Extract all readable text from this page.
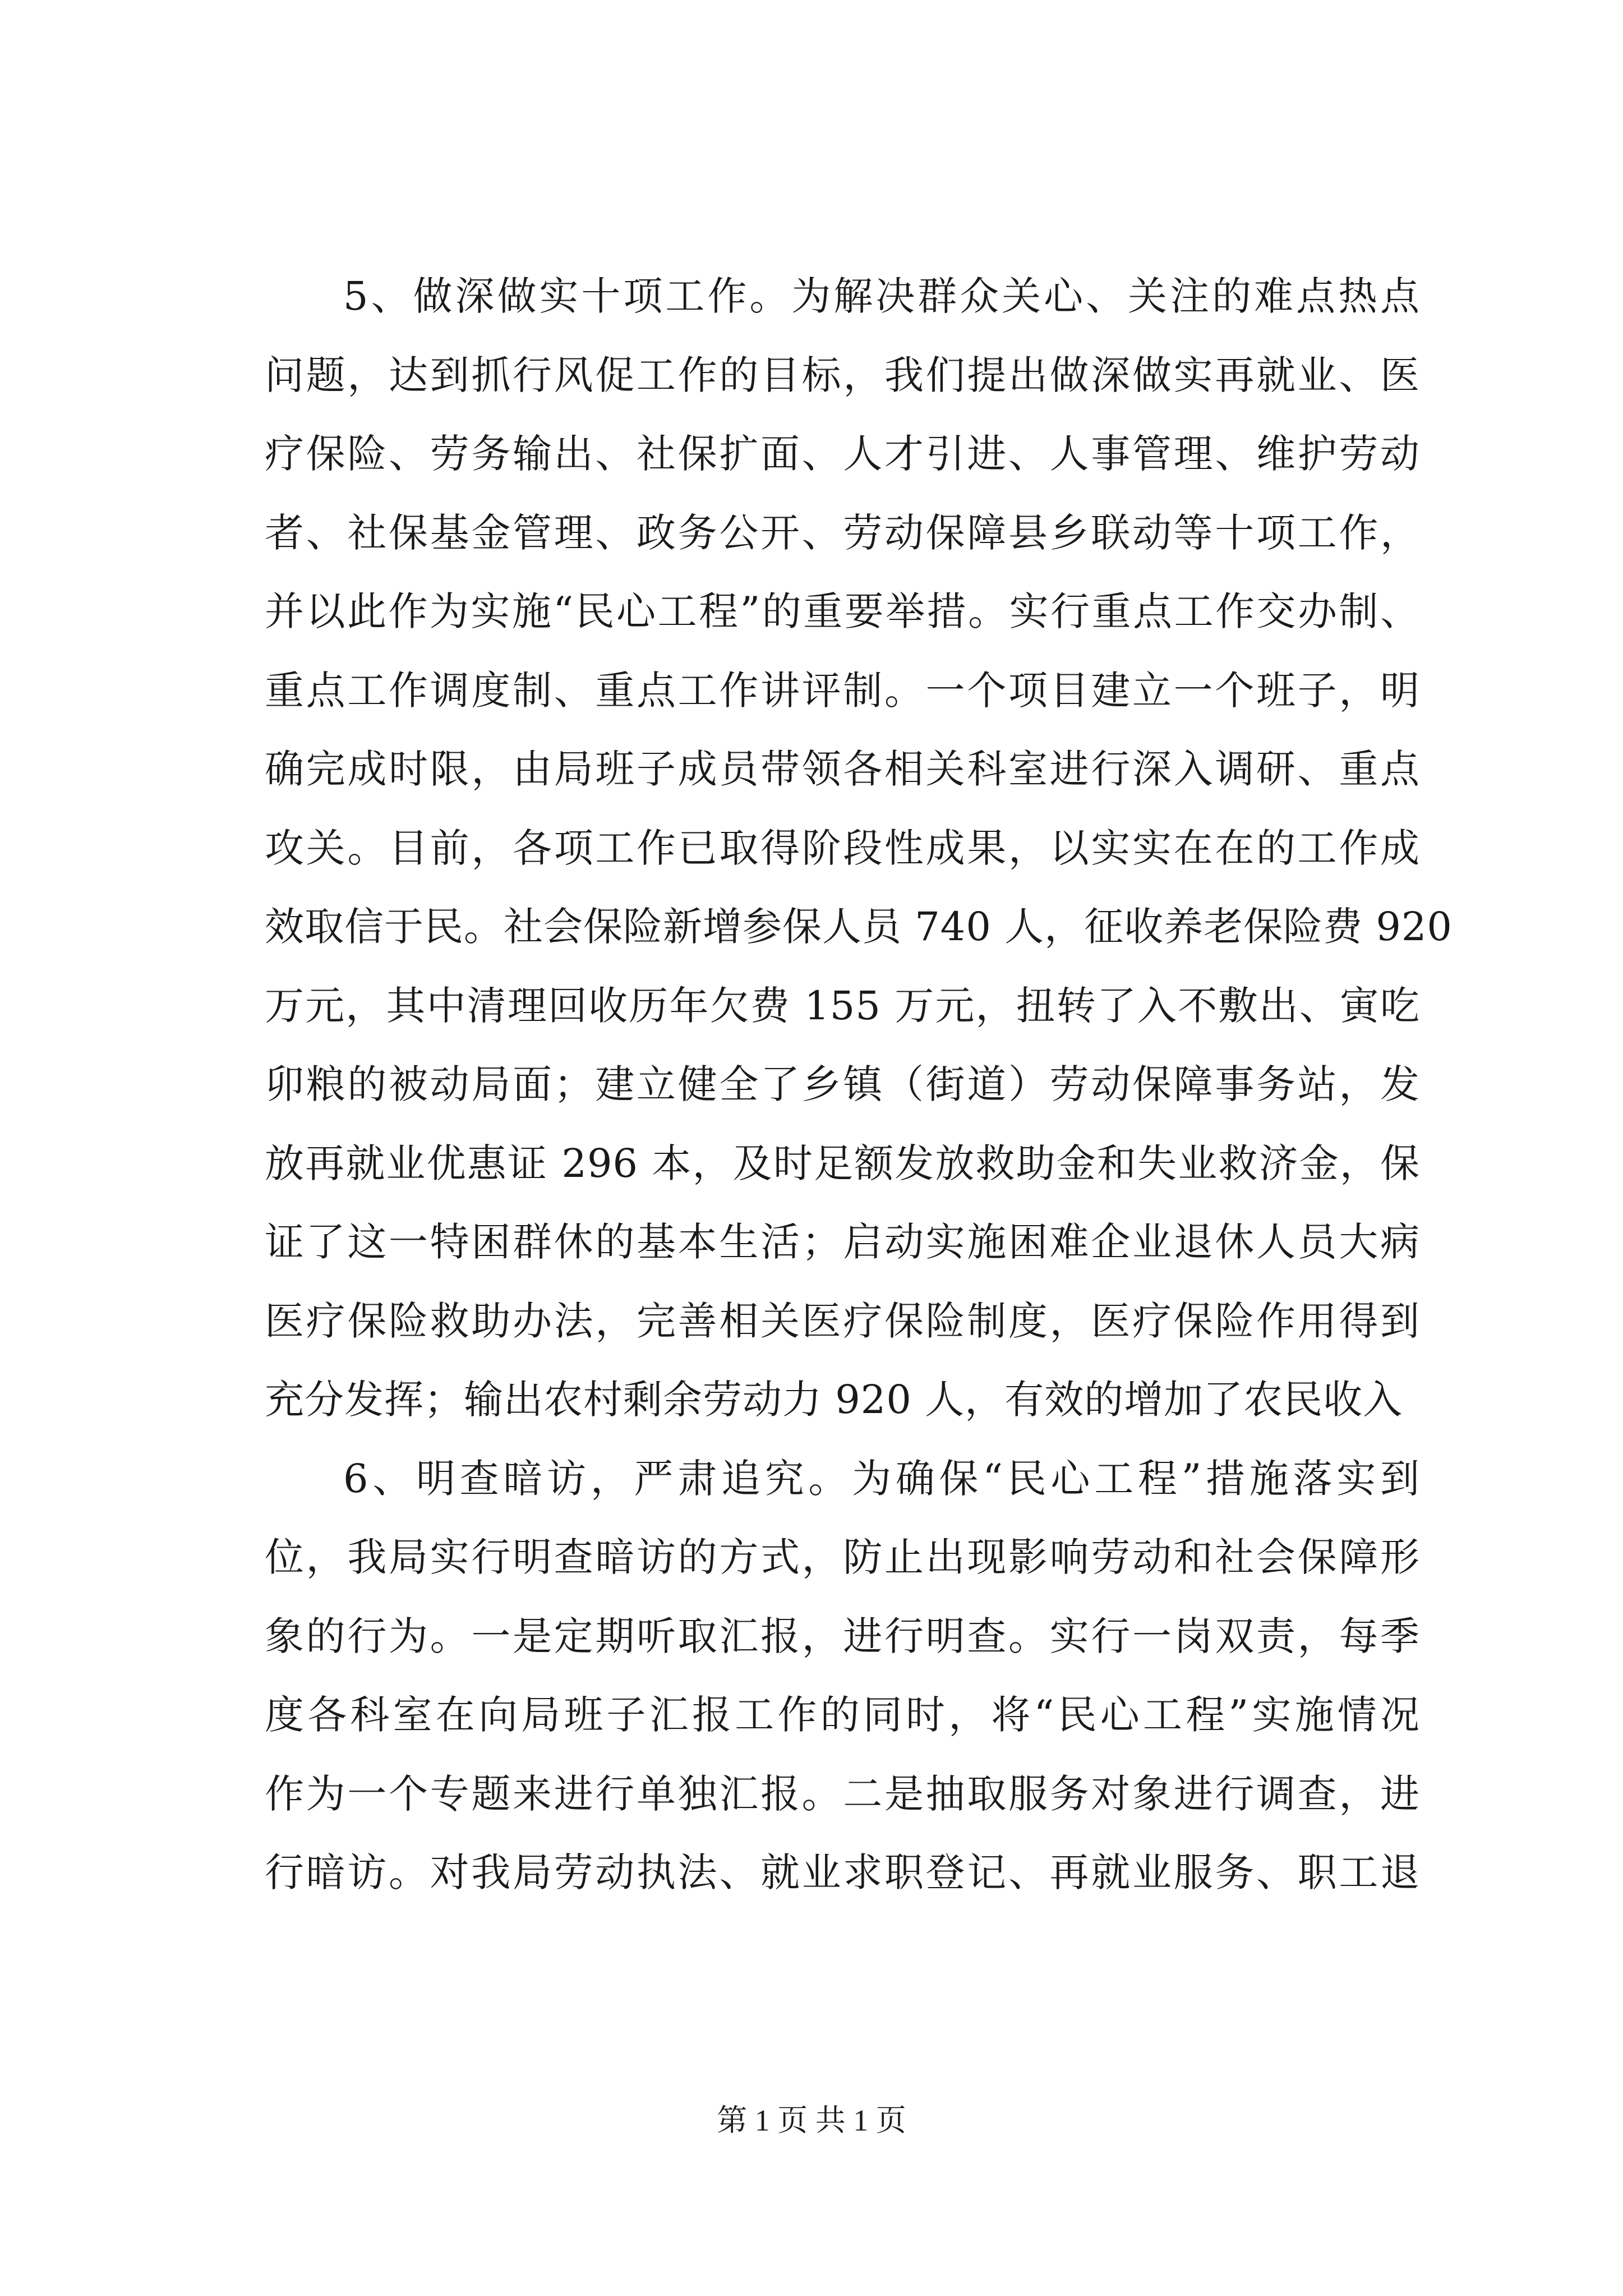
5、做深做实十项工作。为解决群众关心、关注的难点热点
问题，达到抓行风促工作的目标，我们提出做深做实再就业、医
疗保险、劳务输出、社保扩面、人才引进、人事管理、维护劳动
者、社保基金管理、政务公开、劳动保障县乡联动等十项工作，
并以此作为实施“民心工程”的重要举措。实行重点工作交办制、
重点工作调度制、重点工作讲评制。一个项目建立一个班子，明
确完成时限，由局班子成员带领各相关科室进行深入调研、重点
攻关。目前，各项工作已取得阶段性成果，以实实在在的工作成
效取信于民。社会保险新增参保人员 740 人，征收养老保险费 920
万元，其中清理回收历年欠费 155 万元，扭转了入不敷出、寅吃
卯粮的被动局面；建立健全了乡镇（街道）劳动保障事务站，发
放再就业优惠证 296 本，及时足额发放救助金和失业救济金，保
证了这一特困群休的基本生活；启动实施困难企业退休人员大病
医疗保险救助办法，完善相关医疗保险制度，医疗保险作用得到
充分发挥；输出农村剩余劳动力 920 人，有效的增加了农民收入
6、明查暗访，严肃追究。为确保“民心工程”措施落实到
位，我局实行明查暗访的方式，防止出现影响劳动和社会保障形
象的行为。一是定期听取汇报，进行明查。实行一岗双责，每季
度各科室在向局班子汇报工作的同时，将“民心工程”实施情况
作为一个专题来进行单独汇报。二是抽取服务对象进行调查，进
行暗访。对我局劳动执法、就业求职登记、再就业服务、职工退
第 1 页 共 1 页
